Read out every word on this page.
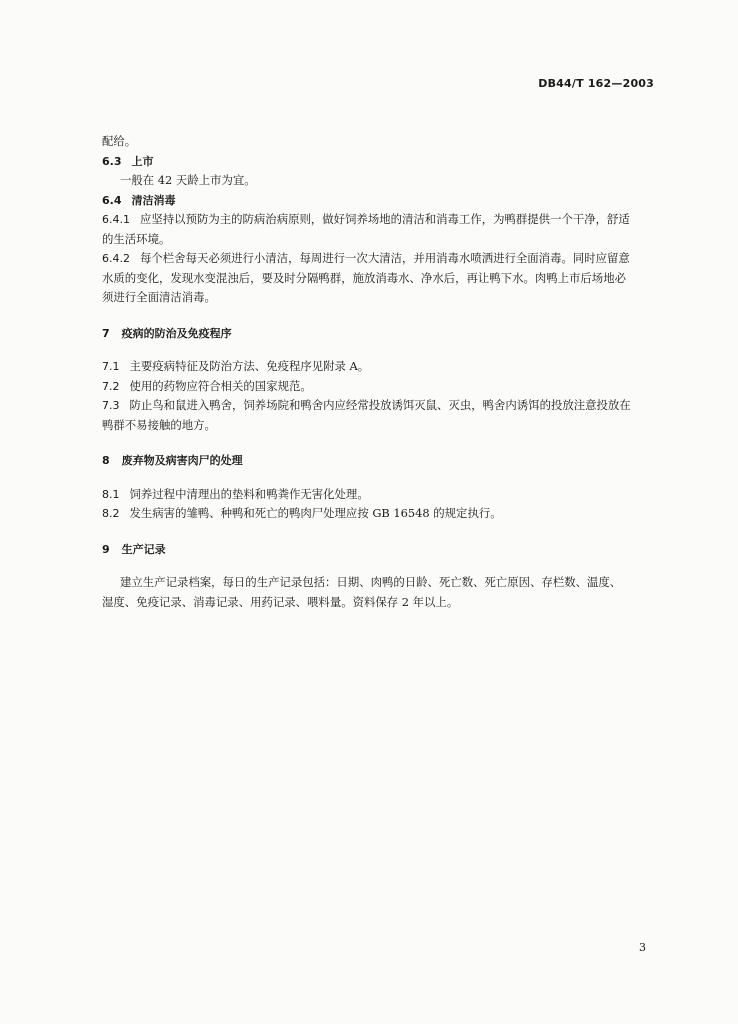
DB44/T 162—2003
配给。
6.3 上市
一般在 42 天龄上市为宜。
6.4 清洁消毒
6.4.1 应坚持以预防为主的防病治病原则，做好饲养场地的清洁和消毒工作，为鸭群提供一个干净，舒适
的生活环境。
6.4.2 每个栏舍每天必须进行小清洁，每周进行一次大清洁，并用消毒水喷洒进行全面消毒。同时应留意
水质的变化，发现水变混浊后，要及时分隔鸭群，施放消毒水、净水后，再让鸭下水。肉鸭上市后场地必
须进行全面清洁消毒。
7 疫病的防治及免疫程序
7.1 主要疫病特征及防治方法、免疫程序见附录 A。
7.2 使用的药物应符合相关的国家规范。
7.3 防止鸟和鼠进入鸭舍，饲养场院和鸭舍内应经常投放诱饵灭鼠、灭虫，鸭舍内诱饵的投放注意投放在
鸭群不易接触的地方。
8 废弃物及病害肉尸的处理
8.1 饲养过程中清理出的垫料和鸭粪作无害化处理。
8.2 发生病害的雏鸭、种鸭和死亡的鸭肉尸处理应按 GB 16548 的规定执行。
9 生产记录
建立生产记录档案，每日的生产记录包括：日期、肉鸭的日龄、死亡数、死亡原因、存栏数、温度、
湿度、免疫记录、消毒记录、用药记录、喂料量。资料保存 2 年以上。
3
